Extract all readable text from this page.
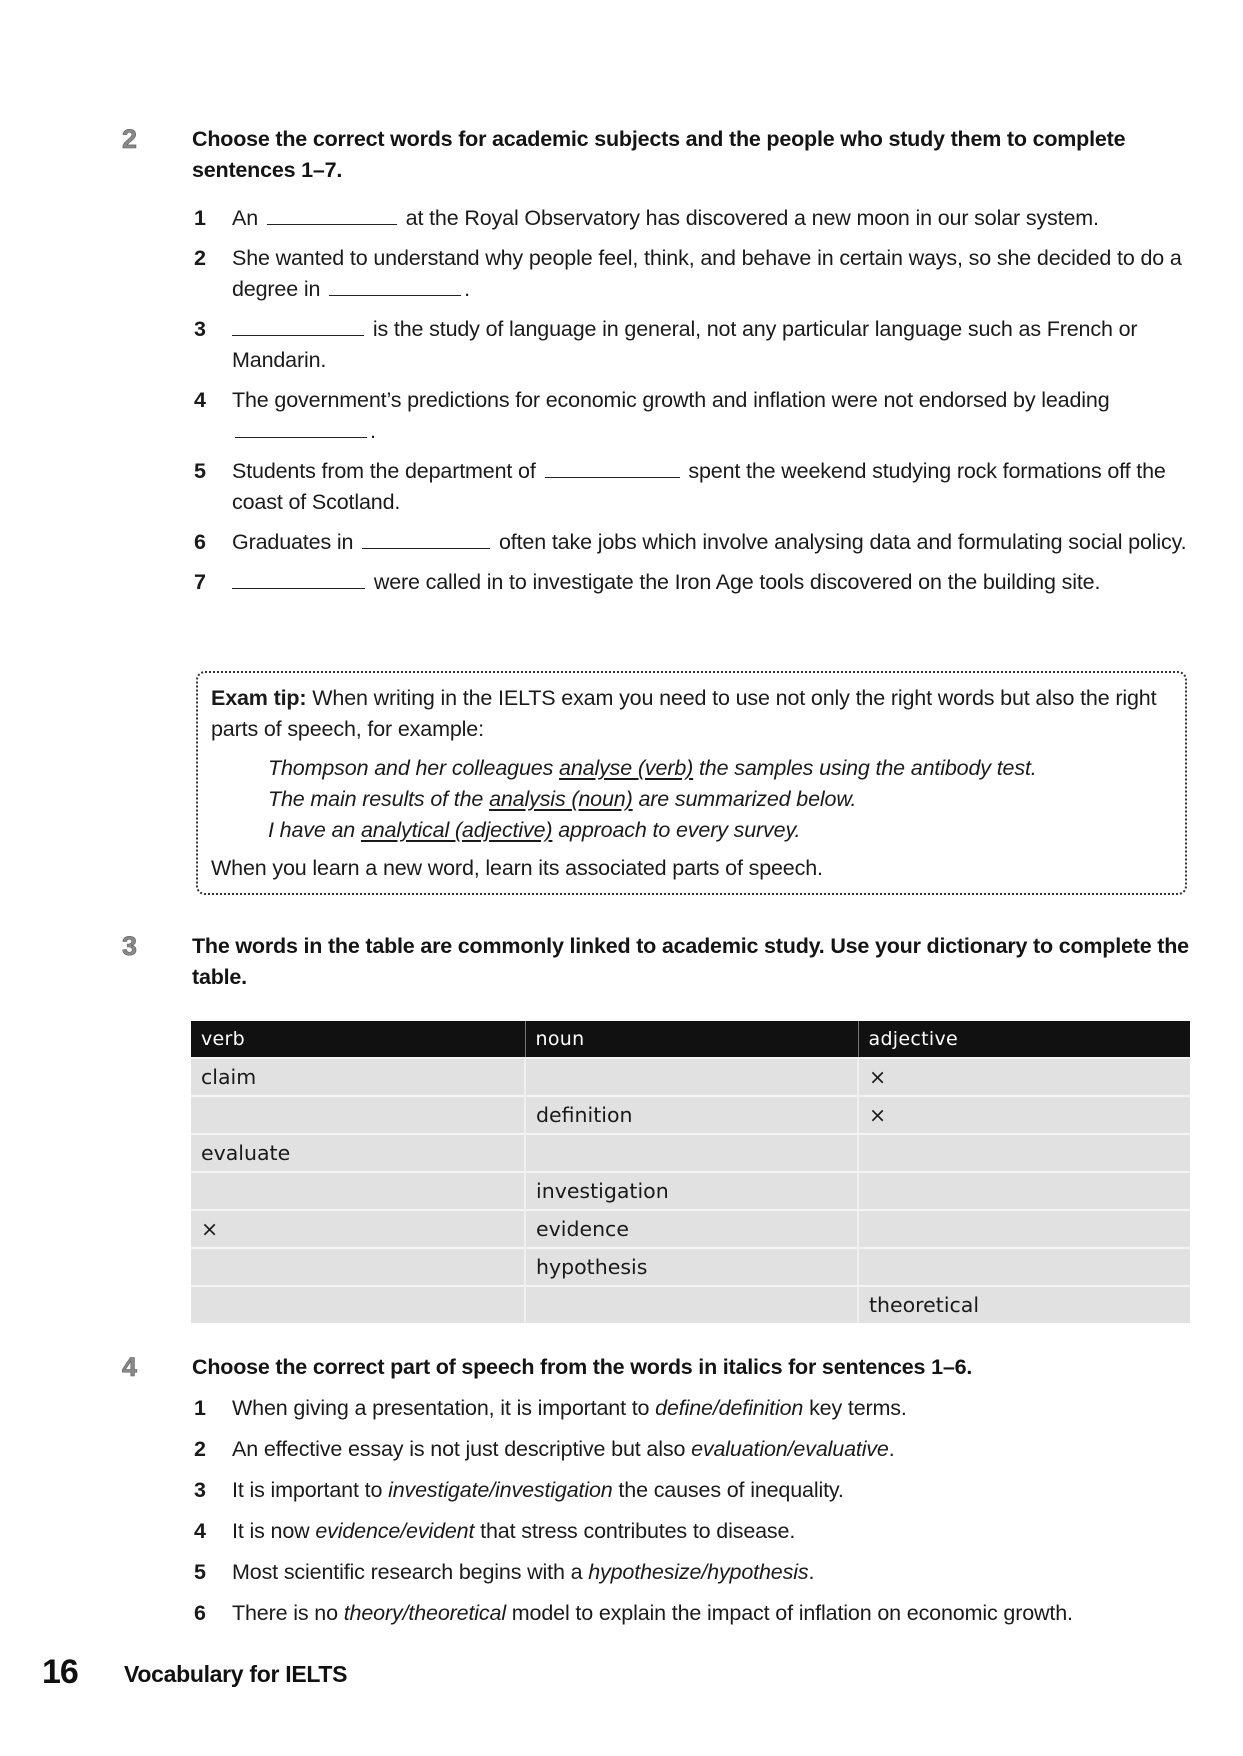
2	Choose the correct words for academic subjects and the people who study them to complete sentences 1–7.
1 An	at the Royal Observatory has discovered a new moon in our solar system.
2 She wanted to understand why people feel, think, and behave in certain ways, so she decided to do a degree in	.
3	is the study of language in general, not any particular language such as French or Mandarin.
4 The government’s predictions for economic growth and inflation were not endorsed by leading .
5 Students from the department of	spent the weekend studying rock formations off the coast of Scotland.
6 Graduates in	often take jobs which involve analysing data and formulating social policy.
7	were called in to investigate the Iron Age tools discovered on the building site.
Exam tip: When writing in the IELTS exam you need to use not only the right words but also the right parts of speech, for example:
Thompson and her colleagues analyse (verb) the samples using the antibody test.
The main results of the analysis (noun) are summarized below.
I have an analytical (adjective) approach to every survey.
When you learn a new word, learn its associated parts of speech.
3	The words in the table are commonly linked to academic study. Use your dictionary to complete the table.
verb	noun	adjective
claim		×
	definition	×
evaluate		
	investigation	
×	evidence	
	hypothesis	
		theoretical
4	Choose the correct part of speech from the words in italics for sentences 1–6.
1 When giving a presentation, it is important to define/definition key terms.
2 An effective essay is not just descriptive but also evaluation/evaluative.
3 It is important to investigate/investigation the causes of inequality.
4 It is now evidence/evident that stress contributes to disease.
5 Most scientific research begins with a hypothesize/hypothesis.
6 There is no theory/theoretical model to explain the impact of inflation on economic growth.
16 Vocabulary for IELTS
